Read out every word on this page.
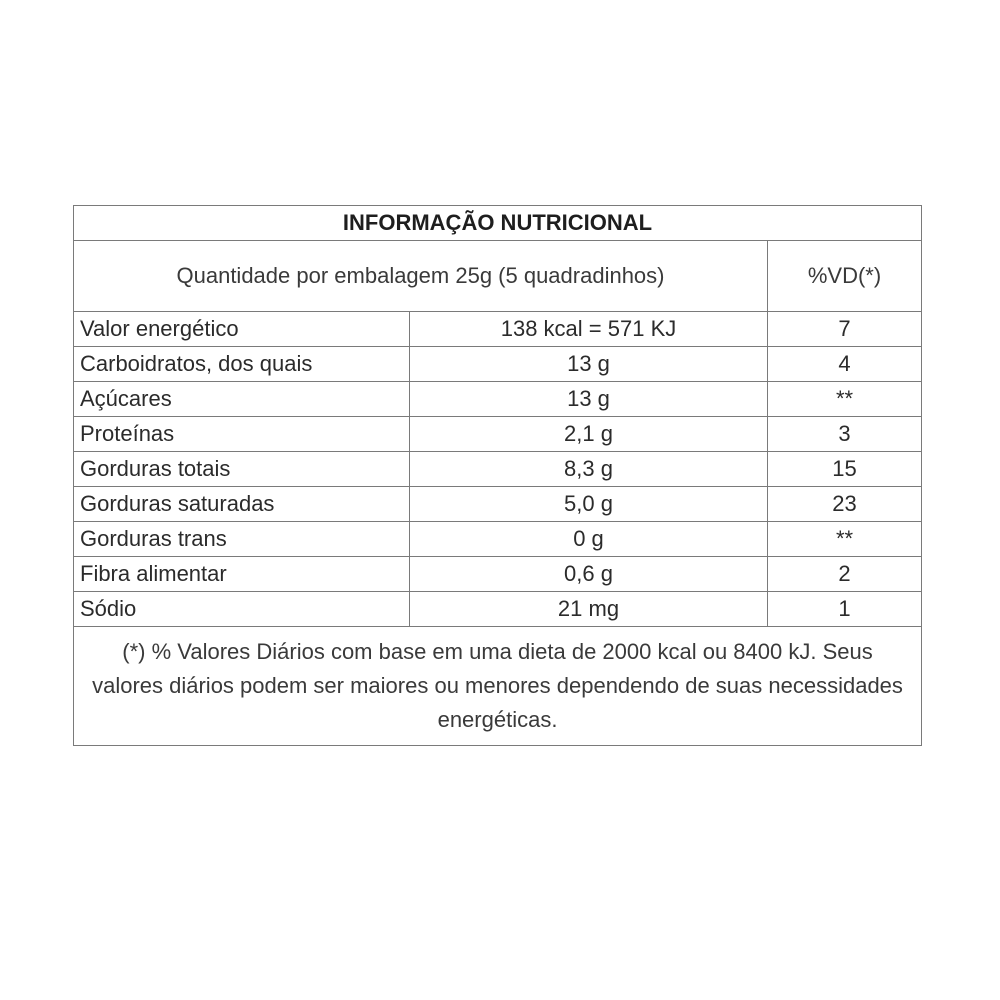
INFORMAÇÃO NUTRICIONAL		
Quantidade por embalagem 25g (5 quadradinhos)		%VD(*)
Valor energético	138 kcal = 571 KJ	7
Carboidratos, dos quais	13 g	4
Açúcares	13 g	**
Proteínas	2,1 g	3
Gorduras totais	8,3 g	15
Gorduras saturadas	5,0 g	23
Gorduras trans	0 g	**
Fibra alimentar	0,6 g	2
Sódio	21 mg	1
(*) % Valores Diários com base em uma dieta de 2000 kcal ou 8400 kJ. Seus valores diários podem ser maiores ou menores dependendo de suas necessidades energéticas.		
